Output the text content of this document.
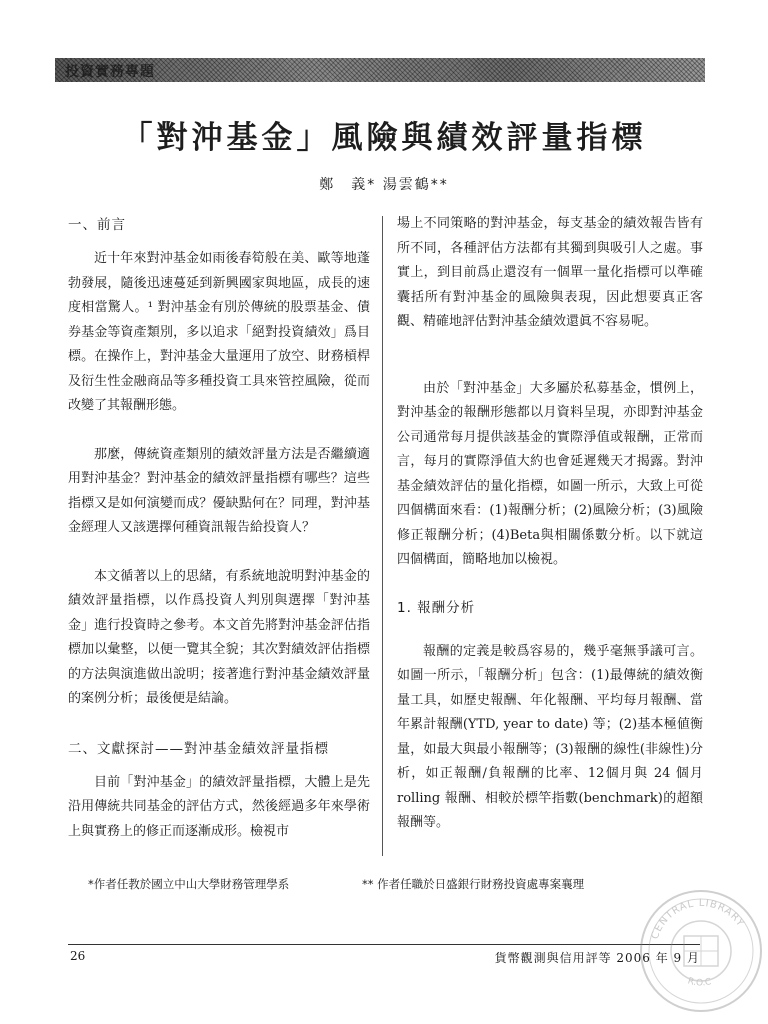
投資實務專題
「對沖基金」風險與績效評量指標
鄭　義* 湯雲鶴**
一、前言

近十年來對沖基金如雨後春筍般在美、歐等地蓬勃發展，隨後迅速蔓延到新興國家與地區，成長的速度相當驚人。¹ 對沖基金有別於傳統的股票基金、債券基金等資產類別，多以追求「絕對投資績效」爲目標。在操作上，對沖基金大量運用了放空、財務槓桿及衍生性金融商品等多種投資工具來管控風險，從而改變了其報酬形態。

那麼，傳統資產類別的績效評量方法是否繼續適用對沖基金？對沖基金的績效評量指標有哪些？這些指標又是如何演變而成？優缺點何在？同理，對沖基金經理人又該選擇何種資訊報告給投資人？

本文循著以上的思緒，有系統地說明對沖基金的績效評量指標，以作爲投資人判別與選擇「對沖基金」進行投資時之參考。本文首先將對沖基金評估指標加以彙整，以便一覽其全貌；其次對績效評估指標的方法與演進做出說明；接著進行對沖基金績效評量的案例分析；最後便是結論。

二、文獻探討——對沖基金績效評量指標

目前「對沖基金」的績效評量指標，大體上是先沿用傳統共同基金的評估方式，然後經過多年來學術上與實務上的修正而逐漸成形。檢視市

場上不同策略的對沖基金，每支基金的績效報告皆有所不同，各種評估方法都有其獨到與吸引人之處。事實上，到目前爲止還沒有一個單一量化指標可以準確囊括所有對沖基金的風險與表現，因此想要真正客觀、精確地評估對沖基金績效還眞不容易呢。

由於「對沖基金」大多屬於私募基金，慣例上，對沖基金的報酬形態都以月資料呈現，亦即對沖基金公司通常每月提供該基金的實際淨值或報酬，正常而言，每月的實際淨值大約也會延遲幾天才揭露。對沖基金績效評估的量化指標，如圖一所示，大致上可從四個構面來看：(1)報酬分析；(2)風險分析；(3)風險修正報酬分析；(4)Beta與相關係數分析。以下就這四個構面，簡略地加以檢視。

1. 報酬分析

報酬的定義是較爲容易的，幾乎毫無爭議可言。如圖一所示，「報酬分析」包含：(1)最傳統的績效衡量工具，如歷史報酬、年化報酬、平均每月報酬、當年累計報酬(YTD, year to date) 等；(2)基本極値衡量，如最大與最小報酬等；(3)報酬的線性(非線性)分析，如正報酬/負報酬的比率、12個月與 24 個月 rolling 報酬、相較於標竿指數(benchmark)的超額報酬等。

*作者任教於國立中山大學財務管理學系	** 作者任職於日盛銀行財務投資處專案襄理
26	貨幣觀測與信用評等 2006 年 9 月
CENTRAL LIBRARY
R.O.C
